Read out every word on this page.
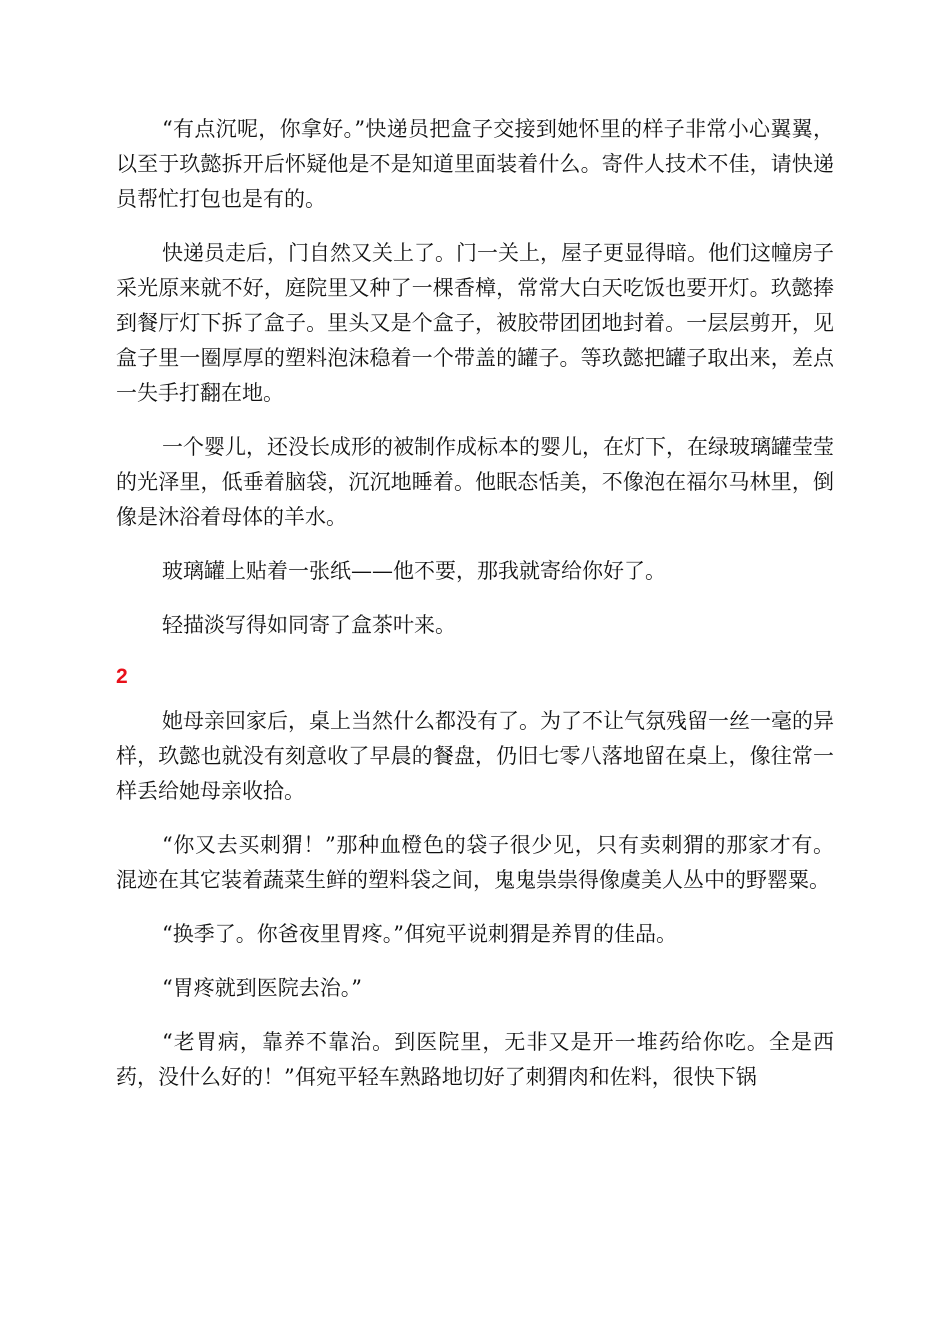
“有点沉呢，你拿好。”快递员把盒子交接到她怀里的样子非常小心翼翼，以至于玖懿拆开后怀疑他是不是知道里面装着什么。寄件人技术不佳，请快递员帮忙打包也是有的。

快递员走后，门自然又关上了。门一关上，屋子更显得暗。他们这幢房子采光原来就不好，庭院里又种了一棵香樟，常常大白天吃饭也要开灯。玖懿捧到餐厅灯下拆了盒子。里头又是个盒子，被胶带团团地封着。一层层剪开，见盒子里一圈厚厚的塑料泡沫稳着一个带盖的罐子。等玖懿把罐子取出来，差点一失手打翻在地。

一个婴儿，还没长成形的被制作成标本的婴儿，在灯下，在绿玻璃罐莹莹的光泽里，低垂着脑袋，沉沉地睡着。他眠态恬美，不像泡在福尔马林里，倒像是沐浴着母体的羊水。

玻璃罐上贴着一张纸——他不要，那我就寄给你好了。

轻描淡写得如同寄了盒茶叶来。

2

她母亲回家后，桌上当然什么都没有了。为了不让气氛残留一丝一毫的异样，玖懿也就没有刻意收了早晨的餐盘，仍旧七零八落地留在桌上，像往常一样丢给她母亲收拾。

“你又去买刺猬！”那种血橙色的袋子很少见，只有卖刺猬的那家才有。混迹在其它装着蔬菜生鲜的塑料袋之间，鬼鬼祟祟得像虞美人丛中的野罂粟。

“换季了。你爸夜里胃疼。”佴宛平说刺猬是养胃的佳品。

“胃疼就到医院去治。”

“老胃病，靠养不靠治。到医院里，无非又是开一堆药给你吃。全是西药，没什么好的！”佴宛平轻车熟路地切好了刺猬肉和佐料，很快下锅
